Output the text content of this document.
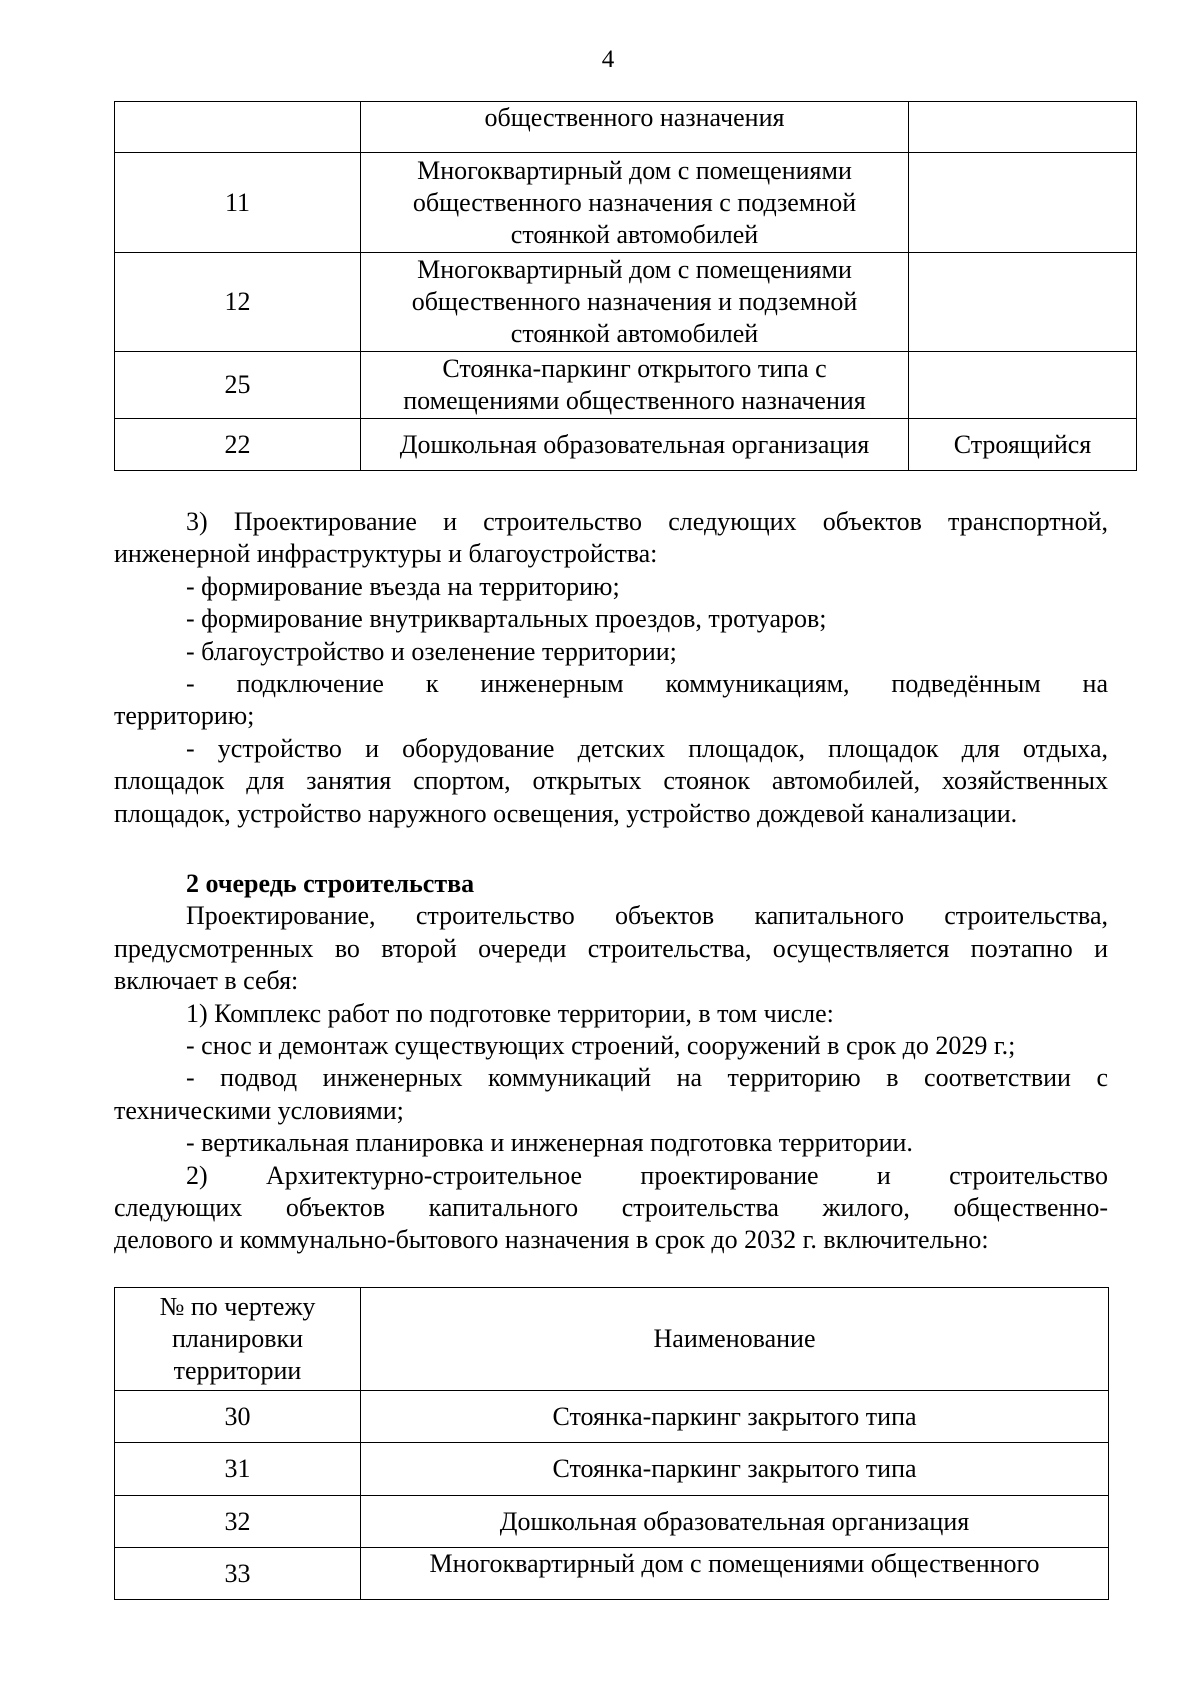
4
	общественного назначения	
11	Многоквартирный дом с помещениями общественного назначения с подземной стоянкой автомобилей	
12	Многоквартирный дом с помещениями общественного назначения и подземной стоянкой автомобилей	
25	Стоянка-паркинг открытого типа с помещениями общественного назначения	
22	Дошкольная образовательная организация	Строящийся

3) Проектирование и строительство следующих объектов транспортной,

инженерной инфраструктуры и благоустройства:

- формирование въезда на территорию;

- формирование внутриквартальных проездов, тротуаров;

- благоустройство и озеленение территории;

- подключение к инженерным коммуникациям, подведённым на

территорию;

- устройство и оборудование детских площадок, площадок для отдыха,

площадок для занятия спортом, открытых стоянок автомобилей, хозяйственных

площадок, устройство наружного освещения, устройство дождевой канализации.

2 очередь строительства

Проектирование, строительство объектов капитального строительства,

предусмотренных во второй очереди строительства, осуществляется поэтапно и

включает в себя:

1) Комплекс работ по подготовке территории, в том числе:

- снос и демонтаж существующих строений, сооружений в срок до 2029 г.;

- подвод инженерных коммуникаций на территорию в соответствии с

техническими условиями;

- вертикальная планировка и инженерная подготовка территории.

2) Архитектурно-строительное проектирование и строительство

следующих объектов капитального строительства жилого, общественно-

делового и коммунально-бытового назначения в срок до 2032 г. включительно:

№ по чертежу планировки территории	Наименование
30	Стоянка-паркинг закрытого типа
31	Стоянка-паркинг закрытого типа
32	Дошкольная образовательная организация
33	Многоквартирный дом с помещениями общественного
